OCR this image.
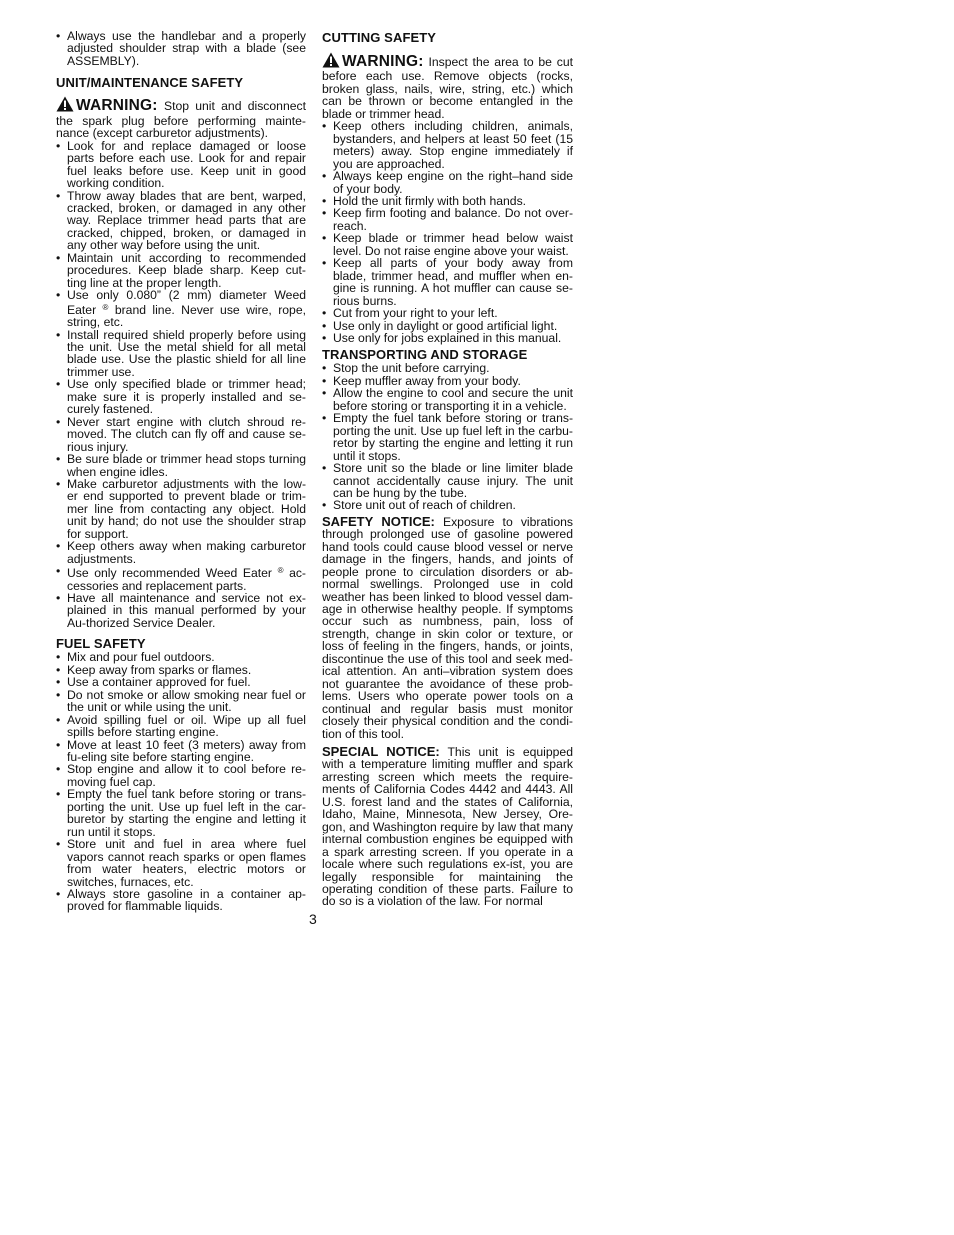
• Always use the handlebar and a properly adjusted shoulder strap with a blade (see ASSEMBLY).
UNIT/MAINTENANCE SAFETY

WARNING: Stop unit and disconnect the spark plug before performing mainte-nance (except carburetor adjustments).

• Look for and replace damaged or loose parts before each use. Look for and repair fuel leaks before use. Keep unit in good working condition.
• Throw away blades that are bent, warped, cracked, broken, or damaged in any other way. Replace trimmer head parts that are cracked, chipped, broken, or damaged in any other way before using the unit.
• Maintain unit according to recommended procedures. Keep blade sharp. Keep cut-ting line at the proper length.
• Use only 0.080” (2 mm) diameter Weed Eater ® brand line. Never use wire, rope, string, etc.
• Install required shield properly before using the unit. Use the metal shield for all metal blade use. Use the plastic shield for all line trimmer use.
• Use only specified blade or trimmer head; make sure it is properly installed and se-curely fastened.
• Never start engine with clutch shroud re-moved. The clutch can fly off and cause se-rious injury.
• Be sure blade or trimmer head stops turning when engine idles.
• Make carburetor adjustments with the low-er end supported to prevent blade or trim-mer line from contacting any object. Hold unit by hand; do not use the shoulder strap for support.
• Keep others away when making carburetor adjustments.
• Use only recommended Weed Eater ® ac-cessories and replacement parts.
• Have all maintenance and service not ex-plained in this manual performed by your Au-thorized Service Dealer.
FUEL SAFETY
• Mix and pour fuel outdoors.
• Keep away from sparks or flames.
• Use a container approved for fuel.
• Do not smoke or allow smoking near fuel or the unit or while using the unit.
• Avoid spilling fuel or oil. Wipe up all fuel spills before starting engine.
• Move at least 10 feet (3 meters) away from fu-eling site before starting engine.
• Stop engine and allow it to cool before re-moving fuel cap.
• Empty the fuel tank before storing or trans-porting the unit. Use up fuel left in the car-buretor by starting the engine and letting it run until it stops.
• Store unit and fuel in area where fuel vapors cannot reach sparks or open flames from water heaters, electric motors or switches, furnaces, etc.
• Always store gasoline in a container ap-proved for flammable liquids.
CUTTING SAFETY

WARNING: Inspect the area to be cut before each use. Remove objects (rocks, broken glass, nails, wire, string, etc.) which can be thrown or become entangled in the blade or trimmer head.

• Keep others including children, animals, bystanders, and helpers at least 50 feet (15 meters) away. Stop engine immediately if you are approached.
• Always keep engine on the right–hand side of your body.
• Hold the unit firmly with both hands.
• Keep firm footing and balance. Do not over-reach.
• Keep blade or trimmer head below waist level. Do not raise engine above your waist.
• Keep all parts of your body away from blade, trimmer head, and muffler when en-gine is running. A hot muffler can cause se-rious burns.
• Cut from your right to your left.
• Use only in daylight or good artificial light.
• Use only for jobs explained in this manual.
TRANSPORTING AND STORAGE
• Stop the unit before carrying.
• Keep muffler away from your body.
• Allow the engine to cool and secure the unit before storing or transporting it in a vehicle.
• Empty the fuel tank before storing or trans-porting the unit. Use up fuel left in the carbu-retor by starting the engine and letting it run until it stops.
• Store unit so the blade or line limiter blade cannot accidentally cause injury. The unit can be hung by the tube.
• Store unit out of reach of children.

SAFETY NOTICE: Exposure to vibrations through prolonged use of gasoline powered hand tools could cause blood vessel or nerve damage in the fingers, hands, and joints of people prone to circulation disorders or ab-normal swellings. Prolonged use in cold weather has been linked to blood vessel dam-age in otherwise healthy people. If symptoms occur such as numbness, pain, loss of strength, change in skin color or texture, or loss of feeling in the fingers, hands, or joints, discontinue the use of this tool and seek med-ical attention. An anti–vibration system does not guarantee the avoidance of these prob-lems. Users who operate power tools on a continual and regular basis must monitor closely their physical condition and the condi-tion of this tool.

SPECIAL NOTICE: This unit is equipped with a temperature limiting muffler and spark arresting screen which meets the require-ments of California Codes 4442 and 4443. All U.S. forest land and the states of California, Idaho, Maine, Minnesota, New Jersey, Ore-gon, and Washington require by law that many internal combustion engines be equipped with a spark arresting screen. If you operate in a locale where such regulations ex-ist, you are legally responsible for maintaining the operating condition of these parts. Failure to do so is a violation of the law. For normal

3
